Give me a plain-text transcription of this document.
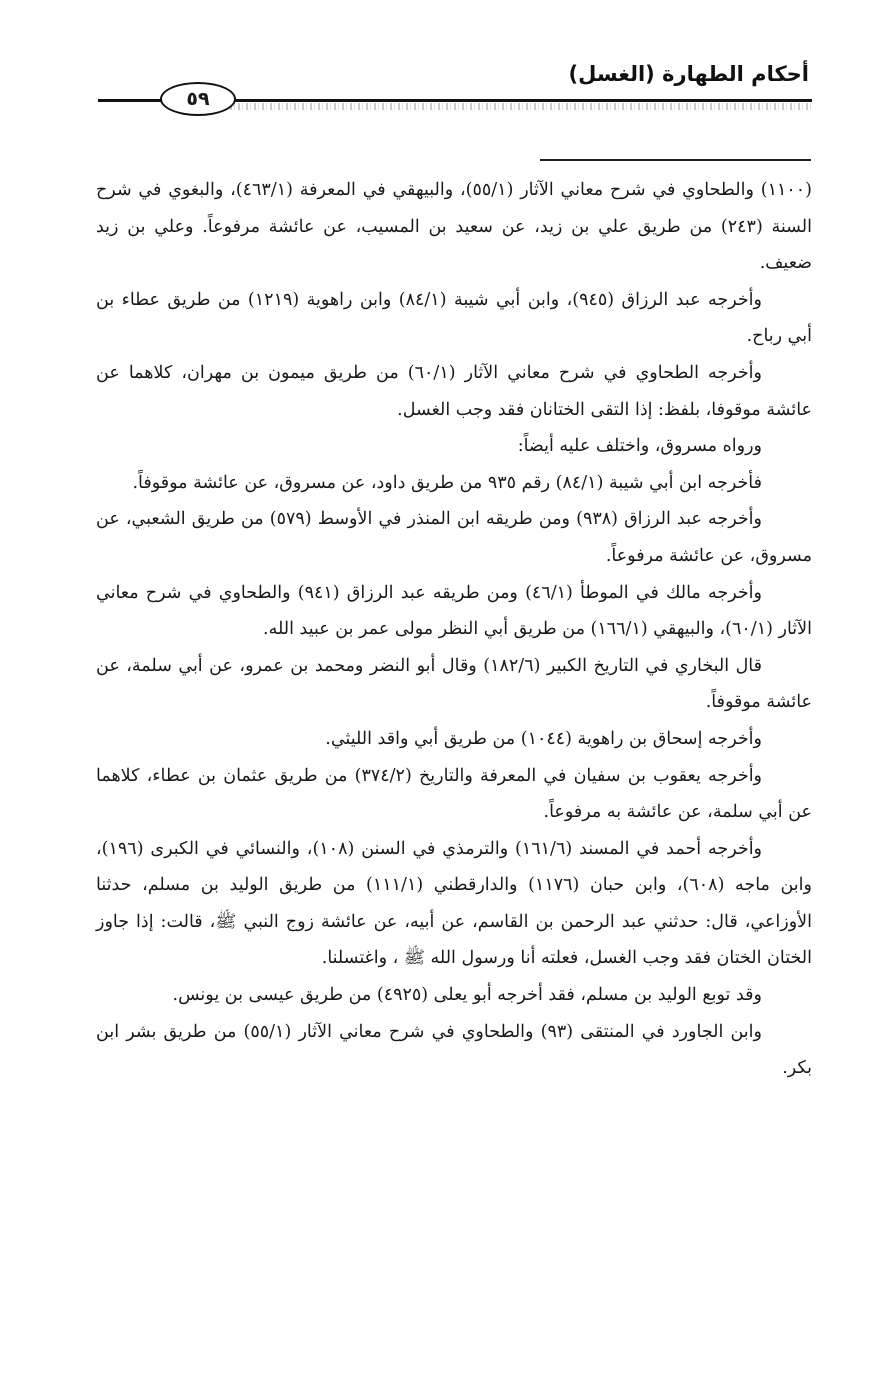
أحكام الطهارة (الغسل)
٥٩

(١١٠٠) والطحاوي في شرح معاني الآثار (٥٥/١)، والبيهقي في المعرفة (٤٦٣/١)، والبغوي في شرح السنة (٢٤٣) من طريق علي بن زيد، عن سعيد بن المسيب، عن عائشة مرفوعاً. وعلي بن زيد ضعيف.

وأخرجه عبد الرزاق (٩٤٥)، وابن أبي شيبة (٨٤/١) وابن راهوية (١٢١٩) من طريق عطاء بن أبي رباح.

وأخرجه الطحاوي في شرح معاني الآثار (٦٠/١) من طريق ميمون بن مهران، كلاهما عن عائشة موقوفا، بلفظ: إذا التقى الختانان فقد وجب الغسل.

ورواه مسروق، واختلف عليه أيضاً:

فأخرجه ابن أبي شيبة (٨٤/١) رقم ٩٣٥ من طريق داود، عن مسروق، عن عائشة موقوفاً.

وأخرجه عبد الرزاق (٩٣٨) ومن طريقه ابن المنذر في الأوسط (٥٧٩) من طريق الشعبي، عن مسروق، عن عائشة مرفوعاً.

وأخرجه مالك في الموطأ (٤٦/١) ومن طريقه عبد الرزاق (٩٤١) والطحاوي في شرح معاني الآثار (٦٠/١)، والبيهقي (١٦٦/١) من طريق أبي النظر مولى عمر بن عبيد الله.

قال البخاري في التاريخ الكبير (١٨٢/٦) وقال أبو النضر ومحمد بن عمرو، عن أبي سلمة، عن عائشة موقوفاً.

وأخرجه إسحاق بن راهوية (١٠٤٤) من طريق أبي واقد الليثي.

وأخرجه يعقوب بن سفيان في المعرفة والتاريخ (٣٧٤/٢) من طريق عثمان بن عطاء، كلاهما عن أبي سلمة، عن عائشة به مرفوعاً.

وأخرجه أحمد في المسند (١٦١/٦) والترمذي في السنن (١٠٨)، والنسائي في الكبرى (١٩٦)، وابن ماجه (٦٠٨)، وابن حبان (١١٧٦) والدارقطني (١١١/١) من طريق الوليد بن مسلم، حدثنا الأوزاعي، قال: حدثني عبد الرحمن بن القاسم، عن أبيه، عن عائشة زوج النبي ﷺ، قالت: إذا جاوز الختان الختان فقد وجب الغسل، فعلته أنا ورسول الله ﷺ ، واغتسلنا.

وقد توبع الوليد بن مسلم، فقد أخرجه أبو يعلى (٤٩٢٥) من طريق عيسى بن يونس.

وابن الجاورد في المنتقى (٩٣) والطحاوي في شرح معاني الآثار (٥٥/١) من طريق بشر ابن بكر.
